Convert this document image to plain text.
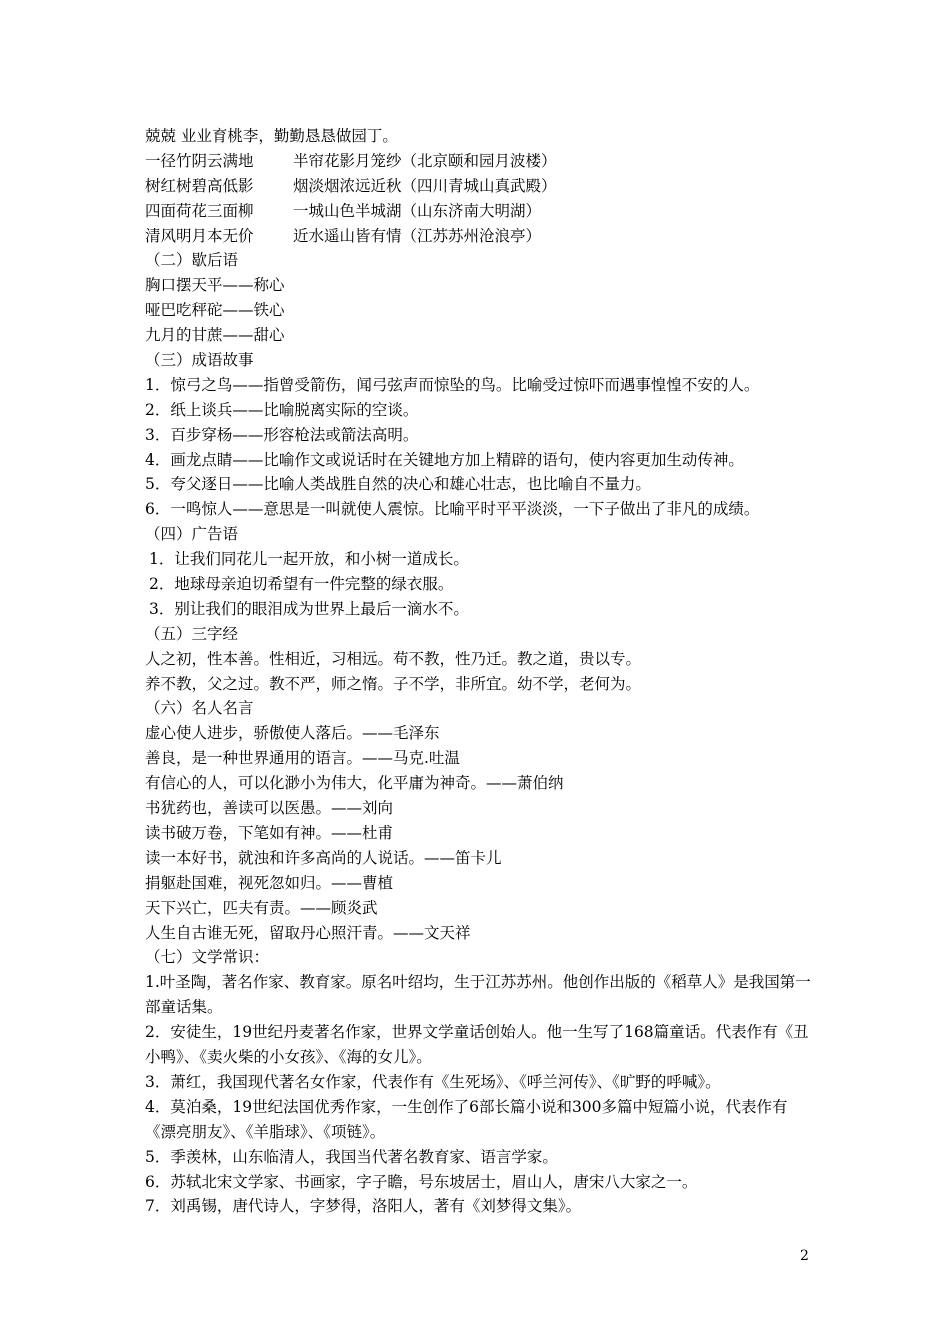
兢兢 业业育桃李，勤勤恳恳做园丁。
一径竹阴云满地	半帘花影月笼纱（北京颐和园月波楼）
树红树碧高低影	烟淡烟浓远近秋（四川青城山真武殿）
四面荷花三面柳	一城山色半城湖（山东济南大明湖）
清风明月本无价	近水遥山皆有情（江苏苏州沧浪亭）
（二）歇后语
胸口摆天平——称心
哑巴吃秤砣——铁心
九月的甘蔗——甜心
（三）成语故事
1．惊弓之鸟——指曾受箭伤，闻弓弦声而惊坠的鸟。比喻受过惊吓而遇事惶惶不安的人。
2．纸上谈兵——比喻脱离实际的空谈。
3．百步穿杨——形容枪法或箭法高明。
4．画龙点睛——比喻作文或说话时在关键地方加上精辟的语句，使内容更加生动传神。
5．夸父逐日——比喻人类战胜自然的决心和雄心壮志，也比喻自不量力。
6．一鸣惊人——意思是一叫就使人震惊。比喻平时平平淡淡，一下子做出了非凡的成绩。
（四）广告语
1．让我们同花儿一起开放，和小树一道成长。
2．地球母亲迫切希望有一件完整的绿衣服。
3．别让我们的眼泪成为世界上最后一滴水不。
（五）三字经
人之初，性本善。性相近，习相远。苟不教，性乃迁。教之道，贵以专。
养不教，父之过。教不严，师之惰。子不学，非所宜。幼不学，老何为。
（六）名人名言
虚心使人进步，骄傲使人落后。——毛泽东
善良，是一种世界通用的语言。——马克.吐温
有信心的人，可以化渺小为伟大，化平庸为神奇。——萧伯纳
书犹药也，善读可以医愚。——刘向
读书破万卷，下笔如有神。——杜甫
读一本好书，就浊和许多高尚的人说话。——笛卡儿
捐躯赴国难，视死忽如归。——曹植
天下兴亡，匹夫有责。——顾炎武
人生自古谁无死，留取丹心照汗青。——文天祥
（七）文学常识：
1.叶圣陶，著名作家、教育家。原名叶绍均，生于江苏苏州。他创作出版的《稻草人》是我国第一部童话集。
2．安徒生，19世纪丹麦著名作家，世界文学童话创始人。他一生写了168篇童话。代表作有《丑小鸭》、《卖火柴的小女孩》、《海的女儿》。
3．萧红，我国现代著名女作家，代表作有《生死场》、《呼兰河传》、《旷野的呼喊》。
4．莫泊桑，19世纪法国优秀作家，一生创作了6部长篇小说和300多篇中短篇小说，代表作有《漂亮朋友》、《羊脂球》、《项链》。
5．季羡林，山东临清人，我国当代著名教育家、语言学家。
6．苏轼北宋文学家、书画家，字子瞻，号东坡居士，眉山人，唐宋八大家之一。
7．刘禹锡，唐代诗人，字梦得，洛阳人，著有《刘梦得文集》。
2
